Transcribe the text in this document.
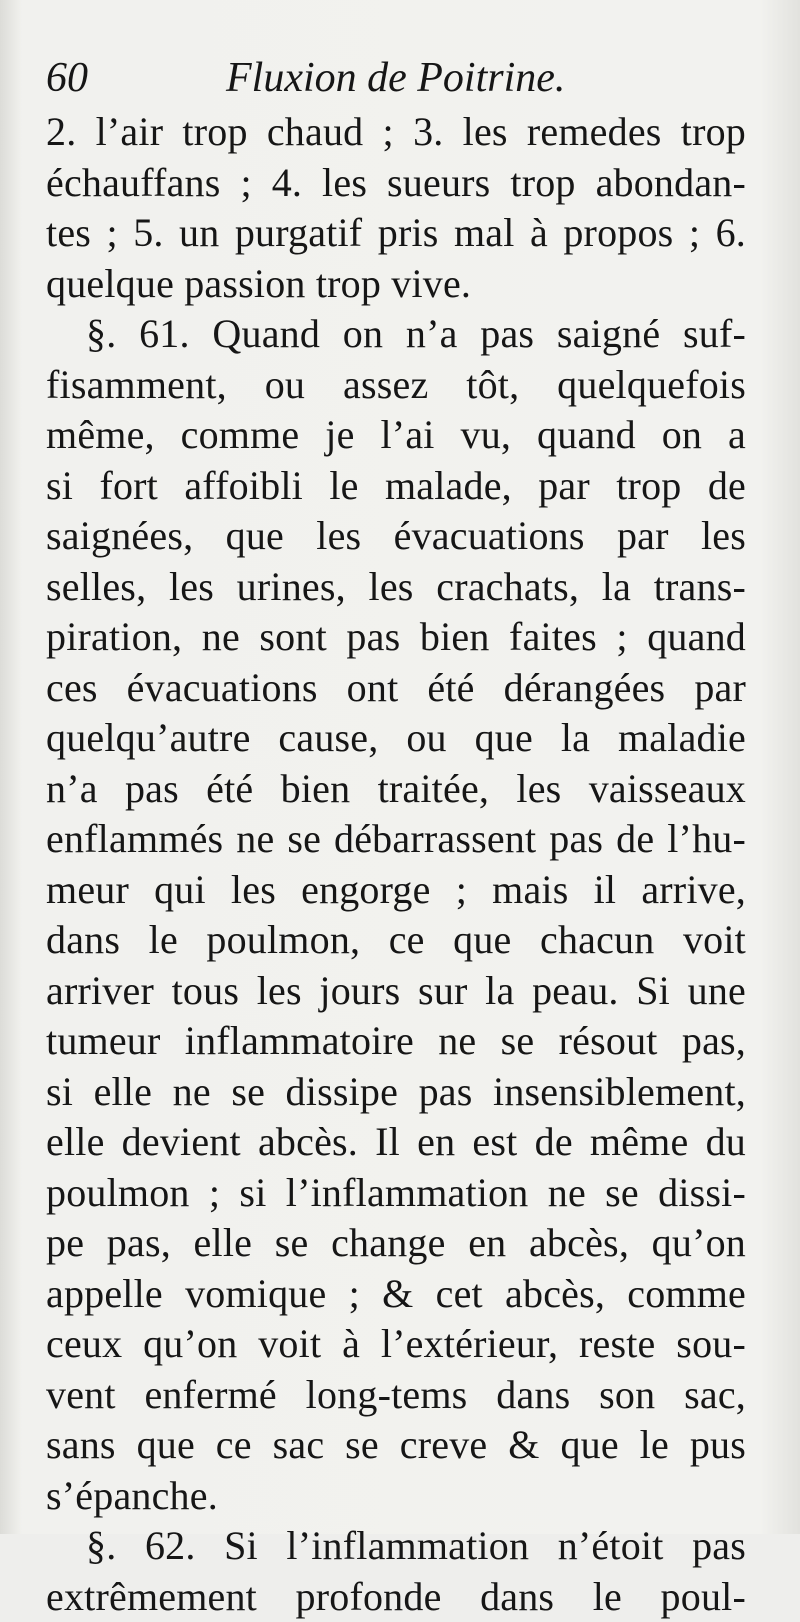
60	Fluxion de Poitrine.
2. l’air trop chaud ; 3. les remedes trop
échauffans ; 4. les sueurs trop abondan-
tes ; 5. un purgatif pris mal à propos ; 6.
quelque passion trop vive.
§. 61. Quand on n’a pas saigné suf-
fisamment, ou assez tôt, quelquefois
même, comme je l’ai vu, quand on a
si fort affoibli le malade, par trop de
saignées, que les évacuations par les
selles, les urines, les crachats, la trans-
piration, ne sont pas bien faites ; quand
ces évacuations ont été dérangées par
quelqu’autre cause, ou que la maladie
n’a pas été bien traitée, les vaisseaux
enflammés ne se débarrassent pas de l’hu-
meur qui les engorge ; mais il arrive,
dans le poulmon, ce que chacun voit
arriver tous les jours sur la peau. Si une
tumeur inflammatoire ne se résout pas,
si elle ne se dissipe pas insensiblement,
elle devient abcès. Il en est de même du
poulmon ; si l’inflammation ne se dissi-
pe pas, elle se change en abcès, qu’on
appelle vomique ; & cet abcès, comme
ceux qu’on voit à l’extérieur, reste sou-
vent enfermé long-tems dans son sac,
sans que ce sac se creve & que le pus
s’épanche.
§. 62. Si l’inflammation n’étoit pas
extrêmement profonde dans le poul-
